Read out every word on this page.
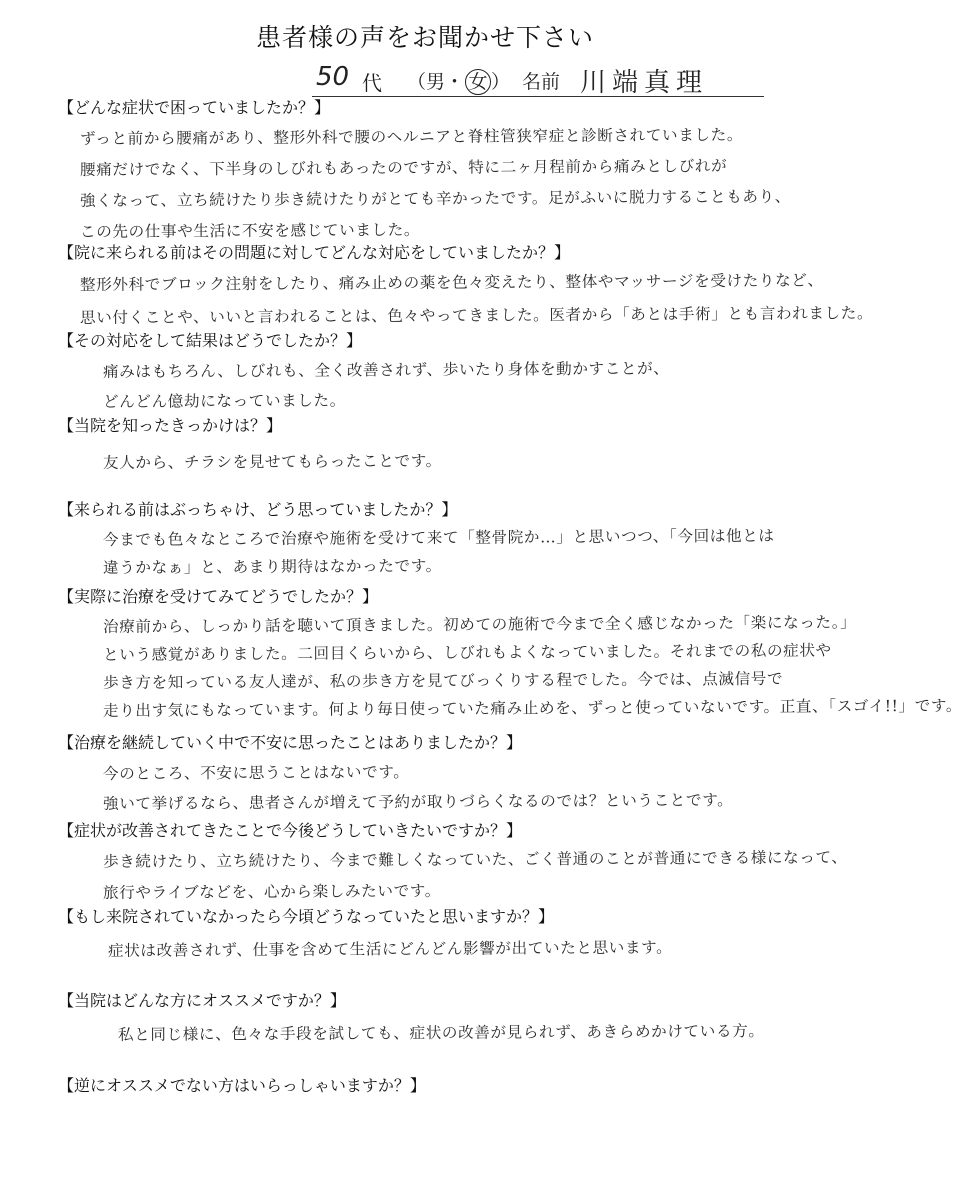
患者様の声をお聞かせ下さい
50 代 （男・ 女 ） 名前 川端真理
【どんな症状で困っていましたか？】
ずっと前から腰痛があり、整形外科で腰のヘルニアと脊柱管狭窄症と診断されていました。
腰痛だけでなく、下半身のしびれもあったのですが、特に二ヶ月程前から痛みとしびれが
強くなって、立ち続けたり歩き続けたりがとても辛かったです。足がふいに脱力することもあり、
この先の仕事や生活に不安を感じていました。
【院に来られる前はその問題に対してどんな対応をしていましたか？】
整形外科でブロック注射をしたり、痛み止めの薬を色々変えたり、整体やマッサージを受けたりなど、
思い付くことや、いいと言われることは、色々やってきました。医者から「あとは手術」とも言われました。
【その対応をして結果はどうでしたか？】
痛みはもちろん、しびれも、全く改善されず、歩いたり身体を動かすことが、
どんどん億劫になっていました。
【当院を知ったきっかけは？】
友人から、チラシを見せてもらったことです。
【来られる前はぶっちゃけ、どう思っていましたか？】
今までも色々なところで治療や施術を受けて来て「整骨院か…」と思いつつ、「今回は他とは
違うかなぁ」と、あまり期待はなかったです。
【実際に治療を受けてみてどうでしたか？】
治療前から、しっかり話を聴いて頂きました。初めての施術で今まで全く感じなかった「楽になった。」
という感覚がありました。二回目くらいから、しびれもよくなっていました。それまでの私の症状や
歩き方を知っている友人達が、私の歩き方を見てびっくりする程でした。今では、点滅信号で
走り出す気にもなっています。何より毎日使っていた痛み止めを、ずっと使っていないです。正直、「スゴイ!!」です。
【治療を継続していく中で不安に思ったことはありましたか？】
今のところ、不安に思うことはないです。
強いて挙げるなら、患者さんが増えて予約が取りづらくなるのでは？ということです。
【症状が改善されてきたことで今後どうしていきたいですか？】
歩き続けたり、立ち続けたり、今まで難しくなっていた、ごく普通のことが普通にできる様になって、
旅行やライブなどを、心から楽しみたいです。
【もし来院されていなかったら今頃どうなっていたと思いますか？】
症状は改善されず、仕事を含めて生活にどんどん影響が出ていたと思います。
【当院はどんな方にオススメですか？】
私と同じ様に、色々な手段を試しても、症状の改善が見られず、あきらめかけている方。
【逆にオススメでない方はいらっしゃいますか？】
